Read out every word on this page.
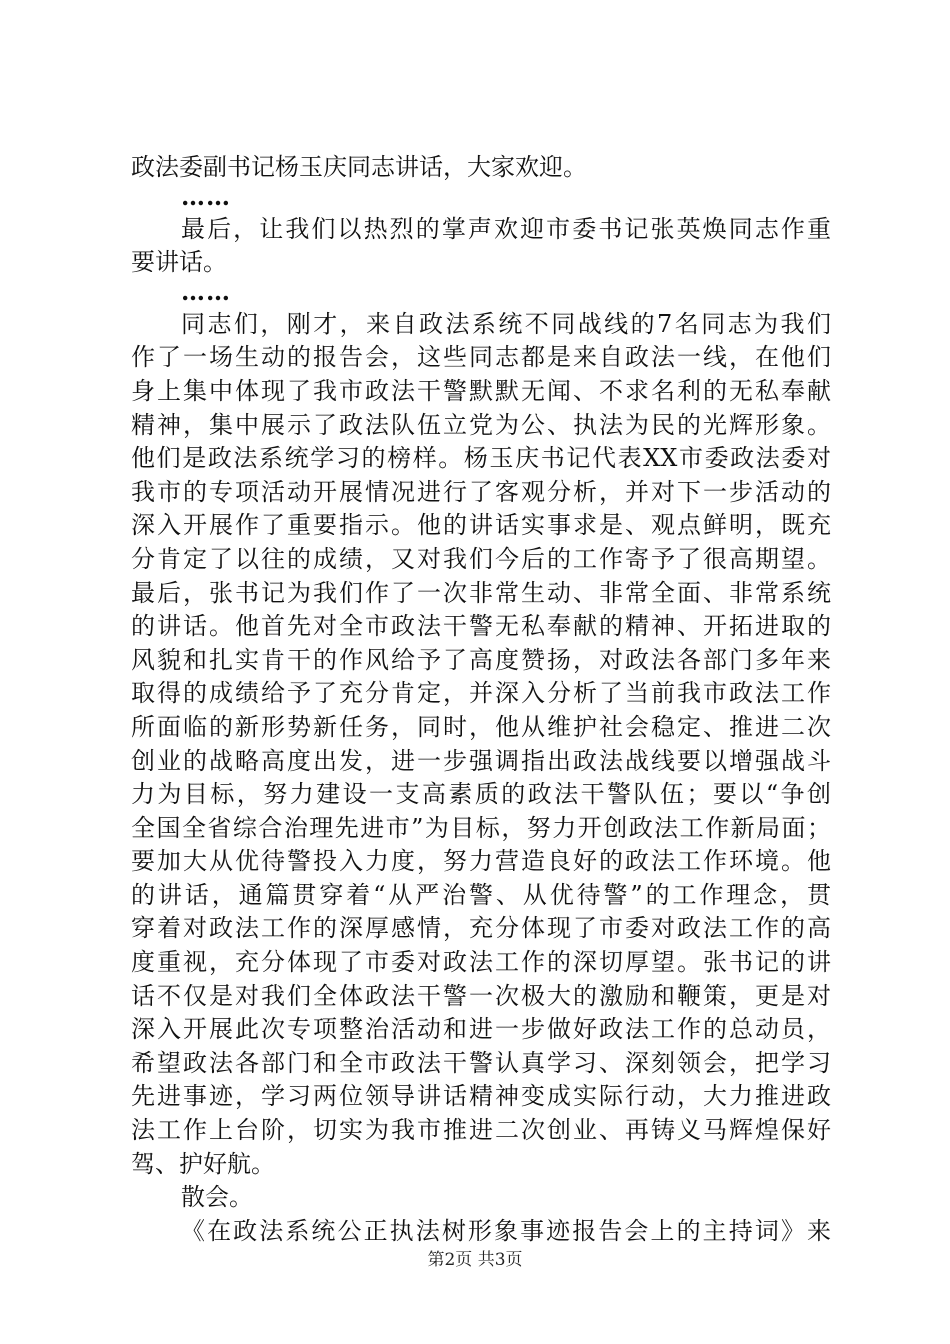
政法委副书记杨玉庆同志讲话，大家欢迎。
……
最后，让我们以热烈的掌声欢迎市委书记张英焕同志作重
要讲话。
……
同志们，刚才，来自政法系统不同战线的7名同志为我们
作了一场生动的报告会，这些同志都是来自政法一线，在他们
身上集中体现了我市政法干警默默无闻、不求名利的无私奉献
精神，集中展示了政法队伍立党为公、执法为民的光辉形象。
他们是政法系统学习的榜样。杨玉庆书记代表XX市委政法委对
我市的专项活动开展情况进行了客观分析，并对下一步活动的
深入开展作了重要指示。他的讲话实事求是、观点鲜明，既充
分肯定了以往的成绩，又对我们今后的工作寄予了很高期望。
最后，张书记为我们作了一次非常生动、非常全面、非常系统
的讲话。他首先对全市政法干警无私奉献的精神、开拓进取的
风貌和扎实肯干的作风给予了高度赞扬，对政法各部门多年来
取得的成绩给予了充分肯定，并深入分析了当前我市政法工作
所面临的新形势新任务，同时，他从维护社会稳定、推进二次
创业的战略高度出发，进一步强调指出政法战线要以增强战斗
力为目标，努力建设一支高素质的政法干警队伍；要以“争创
全国全省综合治理先进市”为目标，努力开创政法工作新局面；
要加大从优待警投入力度，努力营造良好的政法工作环境。他
的讲话，通篇贯穿着“从严治警、从优待警”的工作理念，贯
穿着对政法工作的深厚感情，充分体现了市委对政法工作的高
度重视，充分体现了市委对政法工作的深切厚望。张书记的讲
话不仅是对我们全体政法干警一次极大的激励和鞭策，更是对
深入开展此次专项整治活动和进一步做好政法工作的总动员，
希望政法各部门和全市政法干警认真学习、深刻领会，把学习
先进事迹，学习两位领导讲话精神变成实际行动，大力推进政
法工作上台阶，切实为我市推进二次创业、再铸义马辉煌保好
驾、护好航。
散会。
《在政法系统公正执法树形象事迹报告会上的主持词》来
第2页 共3页
